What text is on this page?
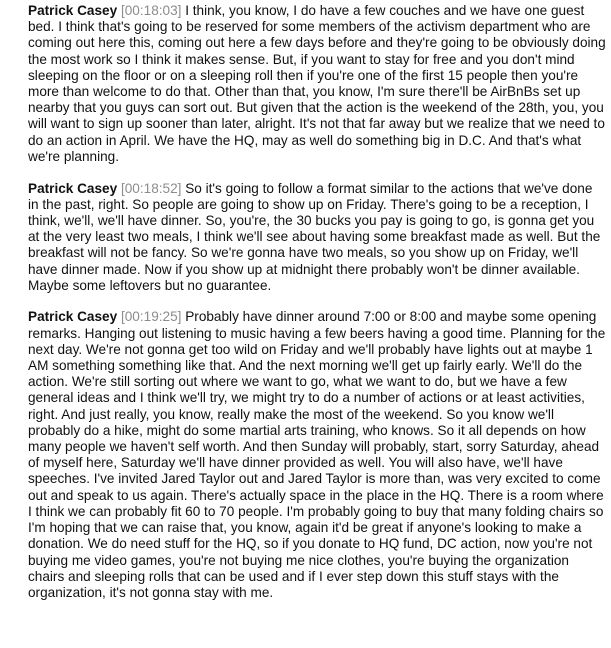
Patrick Casey [00:18:03] I think, you know, I do have a few couches and we have one guest bed. I think that's going to be reserved for some members of the activism department who are coming out here this, coming out here a few days before and they're going to be obviously doing the most work so I think it makes sense. But, if you want to stay for free and you don't mind sleeping on the floor or on a sleeping roll then if you're one of the first 15 people then you're more than welcome to do that. Other than that, you know, I'm sure there'll be AirBnBs set up nearby that you guys can sort out. But given that the action is the weekend of the 28th, you, you will want to sign up sooner than later, alright. It's not that far away but we realize that we need to do an action in April. We have the HQ, may as well do something big in D.C. And that's what we're planning.

Patrick Casey [00:18:52] So it's going to follow a format similar to the actions that we've done in the past, right. So people are going to show up on Friday. There's going to be a reception, I think, we'll, we'll have dinner. So, you're, the 30 bucks you pay is going to go, is gonna get you at the very least two meals, I think we'll see about having some breakfast made as well. But the breakfast will not be fancy. So we're gonna have two meals, so you show up on Friday, we'll have dinner made. Now if you show up at midnight there probably won't be dinner available. Maybe some leftovers but no guarantee.

Patrick Casey [00:19:25] Probably have dinner around 7:00 or 8:00 and maybe some opening remarks. Hanging out listening to music having a few beers having a good time. Planning for the next day. We're not gonna get too wild on Friday and we'll probably have lights out at maybe 1 AM something something like that. And the next morning we'll get up fairly early. We'll do the action. We're still sorting out where we want to go, what we want to do, but we have a few general ideas and I think we'll try, we might try to do a number of actions or at least activities, right. And just really, you know, really make the most of the weekend. So you know we'll probably do a hike, might do some martial arts training, who knows. So it all depends on how many people we haven't self worth. And then Sunday will probably, start, sorry Saturday, ahead of myself here, Saturday we'll have dinner provided as well. You will also have, we'll have speeches. I've invited Jared Taylor out and Jared Taylor is more than, was very excited to come out and speak to us again. There's actually space in the place in the HQ. There is a room where I think we can probably fit 60 to 70 people. I'm probably going to buy that many folding chairs so I'm hoping that we can raise that, you know, again it'd be great if anyone's looking to make a donation. We do need stuff for the HQ, so if you donate to HQ fund, DC action, now you're not buying me video games, you're not buying me nice clothes, you're buying the organization chairs and sleeping rolls that can be used and if I ever step down this stuff stays with the organization, it's not gonna stay with me.
